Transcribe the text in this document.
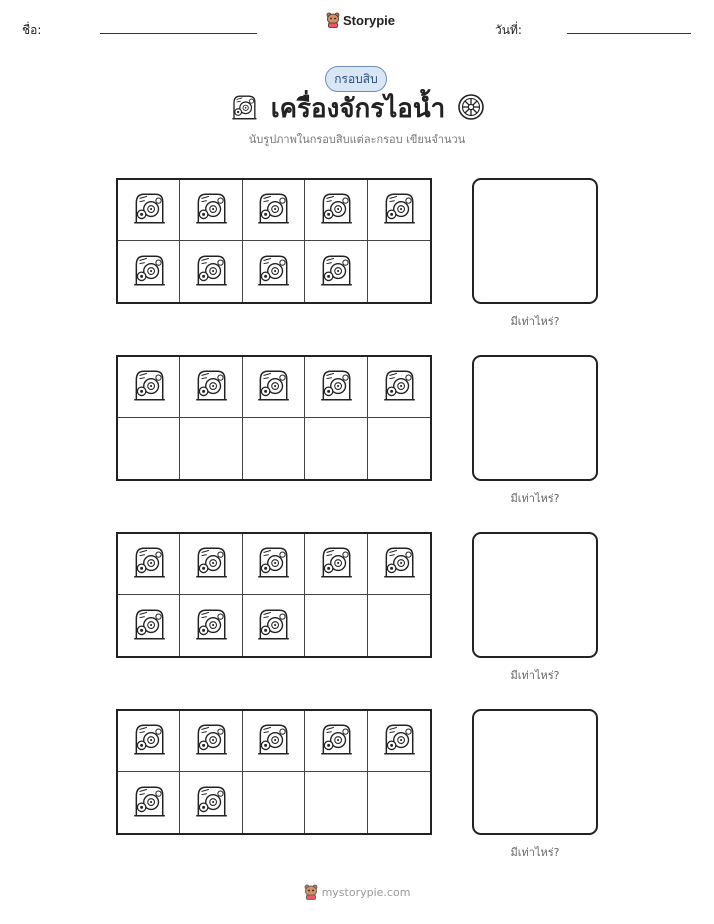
ชื่อ:
Storypie
วันที่:
กรอบสิบ
เครื่องจักรไอน้ำ
นับรูปภาพในกรอบสิบแต่ละกรอบ เขียนจำนวน
มีเท่าไหร่?
มีเท่าไหร่?
มีเท่าไหร่?
มีเท่าไหร่?
mystorypie.com
